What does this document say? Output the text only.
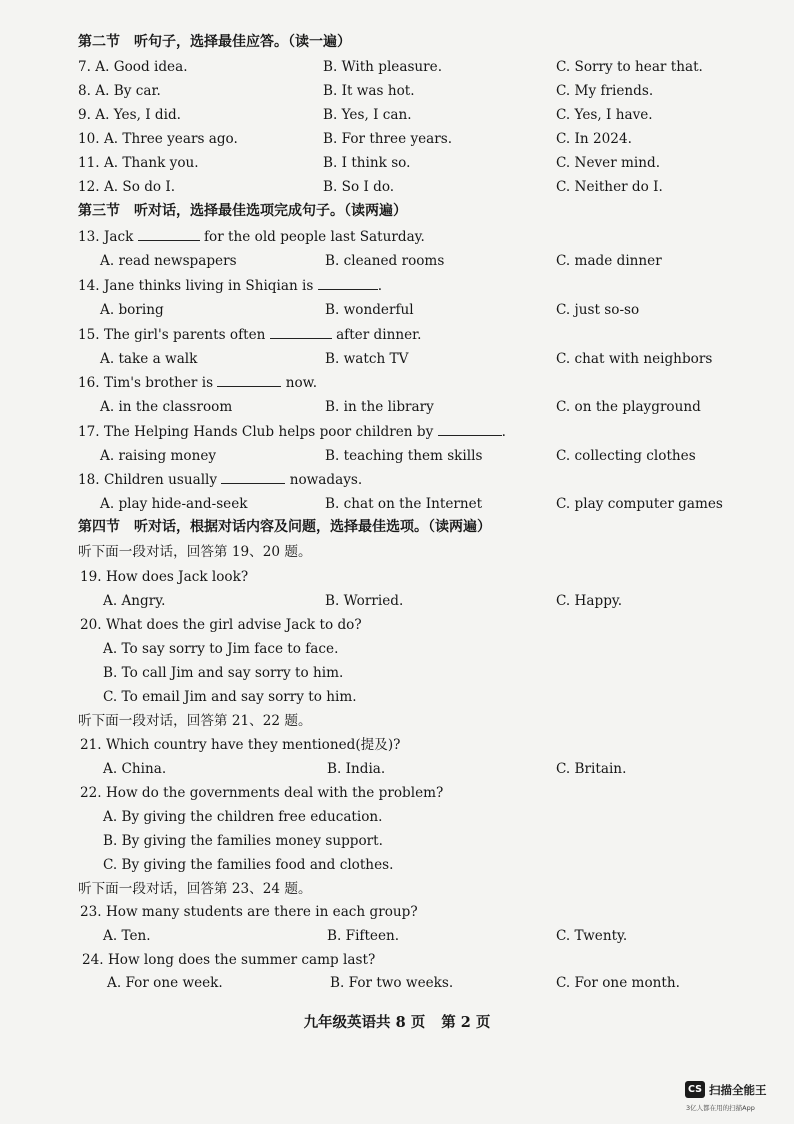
第二节　听句子，选择最佳应答。（读一遍）
7. A. Good idea.	B. With pleasure.	C. Sorry to hear that.
8. A. By car.	B. It was hot.	C. My friends.
9. A. Yes, I did.	B. Yes, I can.	C. Yes, I have.
10. A. Three years ago.	B. For three years.	C. In 2024.
11. A. Thank you.	B. I think so.	C. Never mind.
12. A. So do I.	B. So I do.	C. Neither do I.
第三节　听对话，选择最佳选项完成句子。（读两遍）
13. Jack	for the old people last Saturday.
A. read newspapers	B. cleaned rooms	C. made dinner
14. Jane thinks living in Shiqian is	.
A. boring	B. wonderful	C. just so-so
15. The girl's parents often	after dinner.
A. take a walk	B. watch TV	C. chat with neighbors
16. Tim's brother is	now.
A. in the classroom	B. in the library	C. on the playground
17. The Helping Hands Club helps poor children by	.
A. raising money	B. teaching them skills	C. collecting clothes
18. Children usually	nowadays.
A. play hide-and-seek	B. chat on the Internet	C. play computer games
第四节　听对话，根据对话内容及问题，选择最佳选项。（读两遍）
听下面一段对话，回答第 19、20 题。
19. How does Jack look?
A. Angry.	B. Worried.	C. Happy.
20. What does the girl advise Jack to do?
A. To say sorry to Jim face to face.
B. To call Jim and say sorry to him.
C. To email Jim and say sorry to him.
听下面一段对话，回答第 21、22 题。
21. Which country have they mentioned(提及)?
A. China.	B. India.	C. Britain.
22. How do the governments deal with the problem?
A. By giving the children free education.
B. By giving the families money support.
C. By giving the families food and clothes.
听下面一段对话，回答第 23、24 题。
23. How many students are there in each group?
A. Ten.	B. Fifteen.	C. Twenty.
24. How long does the summer camp last?
A. For one week.	B. For two weeks.	C. For one month.
九年级英语共 8 页 第 2 页
CS 扫描全能王
3亿人都在用的扫描App
